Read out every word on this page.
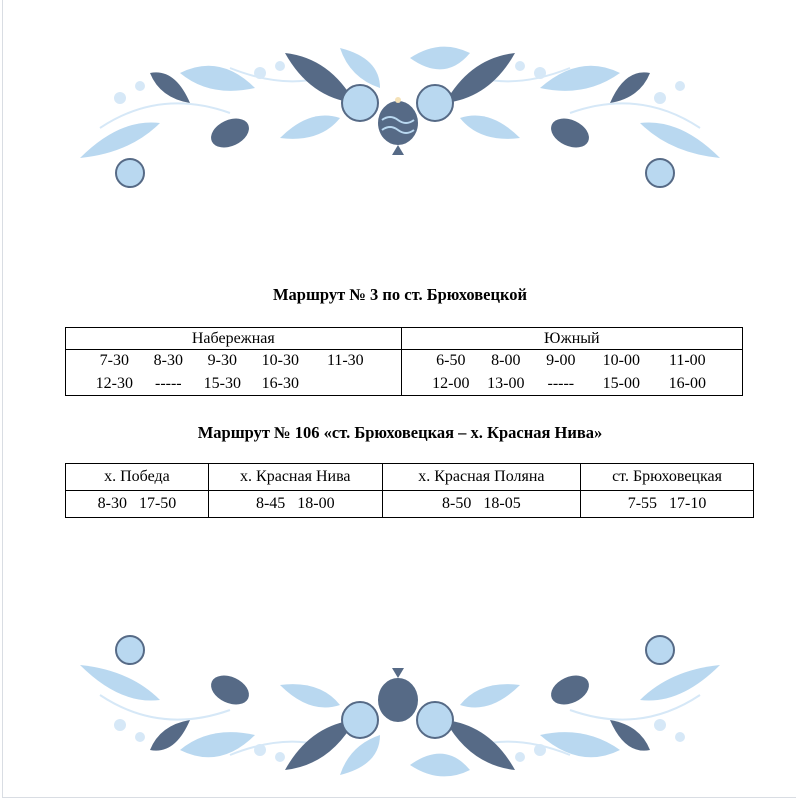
Маршрут № 3 по ст. Брюховецкой
Набережная	Южный

7-30 8-30 9-30 10-30 11-30	6-50 8-00 9-00 10-00 11-00

12-30 ----- 15-30 16-30	12-00 13-00 ----- 15-00 16-00
Маршрут № 106 «ст. Брюховецкая – х. Красная Нива»
х. Победа	х. Красная Нива	х. Красная Поляна	ст. Брюховецкая

8-30 17-50	8-45 18-00	8-50 18-05	7-55 17-10
